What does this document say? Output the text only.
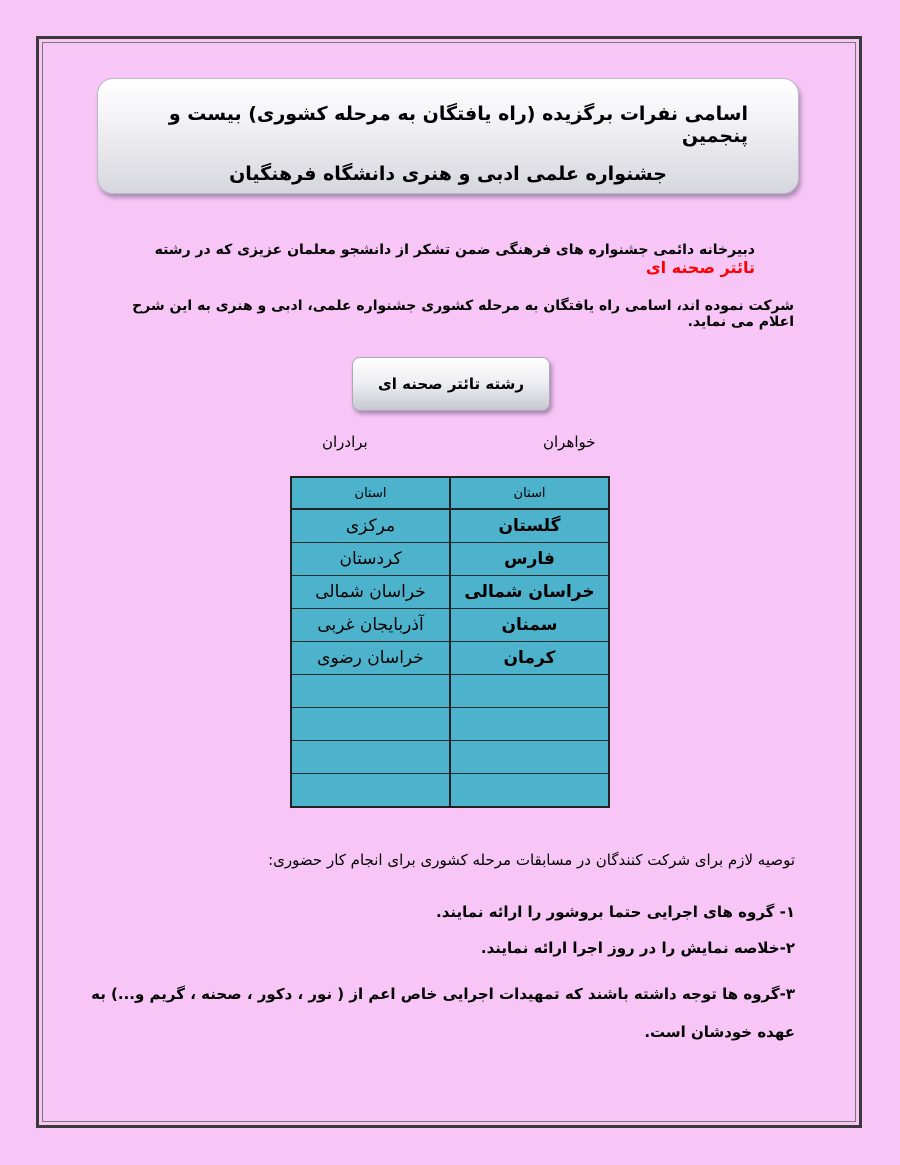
اسامی نفرات برگزیده (راه یافتگان به مرحله کشوری) بیست و پنجمین
جشنواره علمی ادبی و هنری دانشگاه فرهنگیان
دبیرخانه دائمی جشنواره های فرهنگی ضمن تشکر از دانشجو معلمان عزیزی که در رشته تائتر صحنه ای
شرکت نموده اند، اسامی راه یافتگان به مرحله کشوری جشنواره علمی، ادبی و هنری به این شرح اعلام می نماید.
رشته تائتر صحنه ای
خواهران
برادران
استان	استان
گلستان	مرکزی
فارس	کردستان
خراسان شمالی	خراسان شمالی
سمنان	آذربایجان غربی
کرمان	خراسان رضوی

توصیه لازم برای شرکت کنندگان در مسابقات مرحله کشوری برای انجام کار حضوری:
۱- گروه های اجرایی حتما بروشور را ارائه نمایند.
۲-خلاصه نمایش را در روز اجرا ارائه نمایند.
۳-گروه ها توجه داشته باشند که تمهیدات اجرایی خاص اعم از ( نور ، دکور ، صحنه ، گریم و...) به عهده خودشان است.
